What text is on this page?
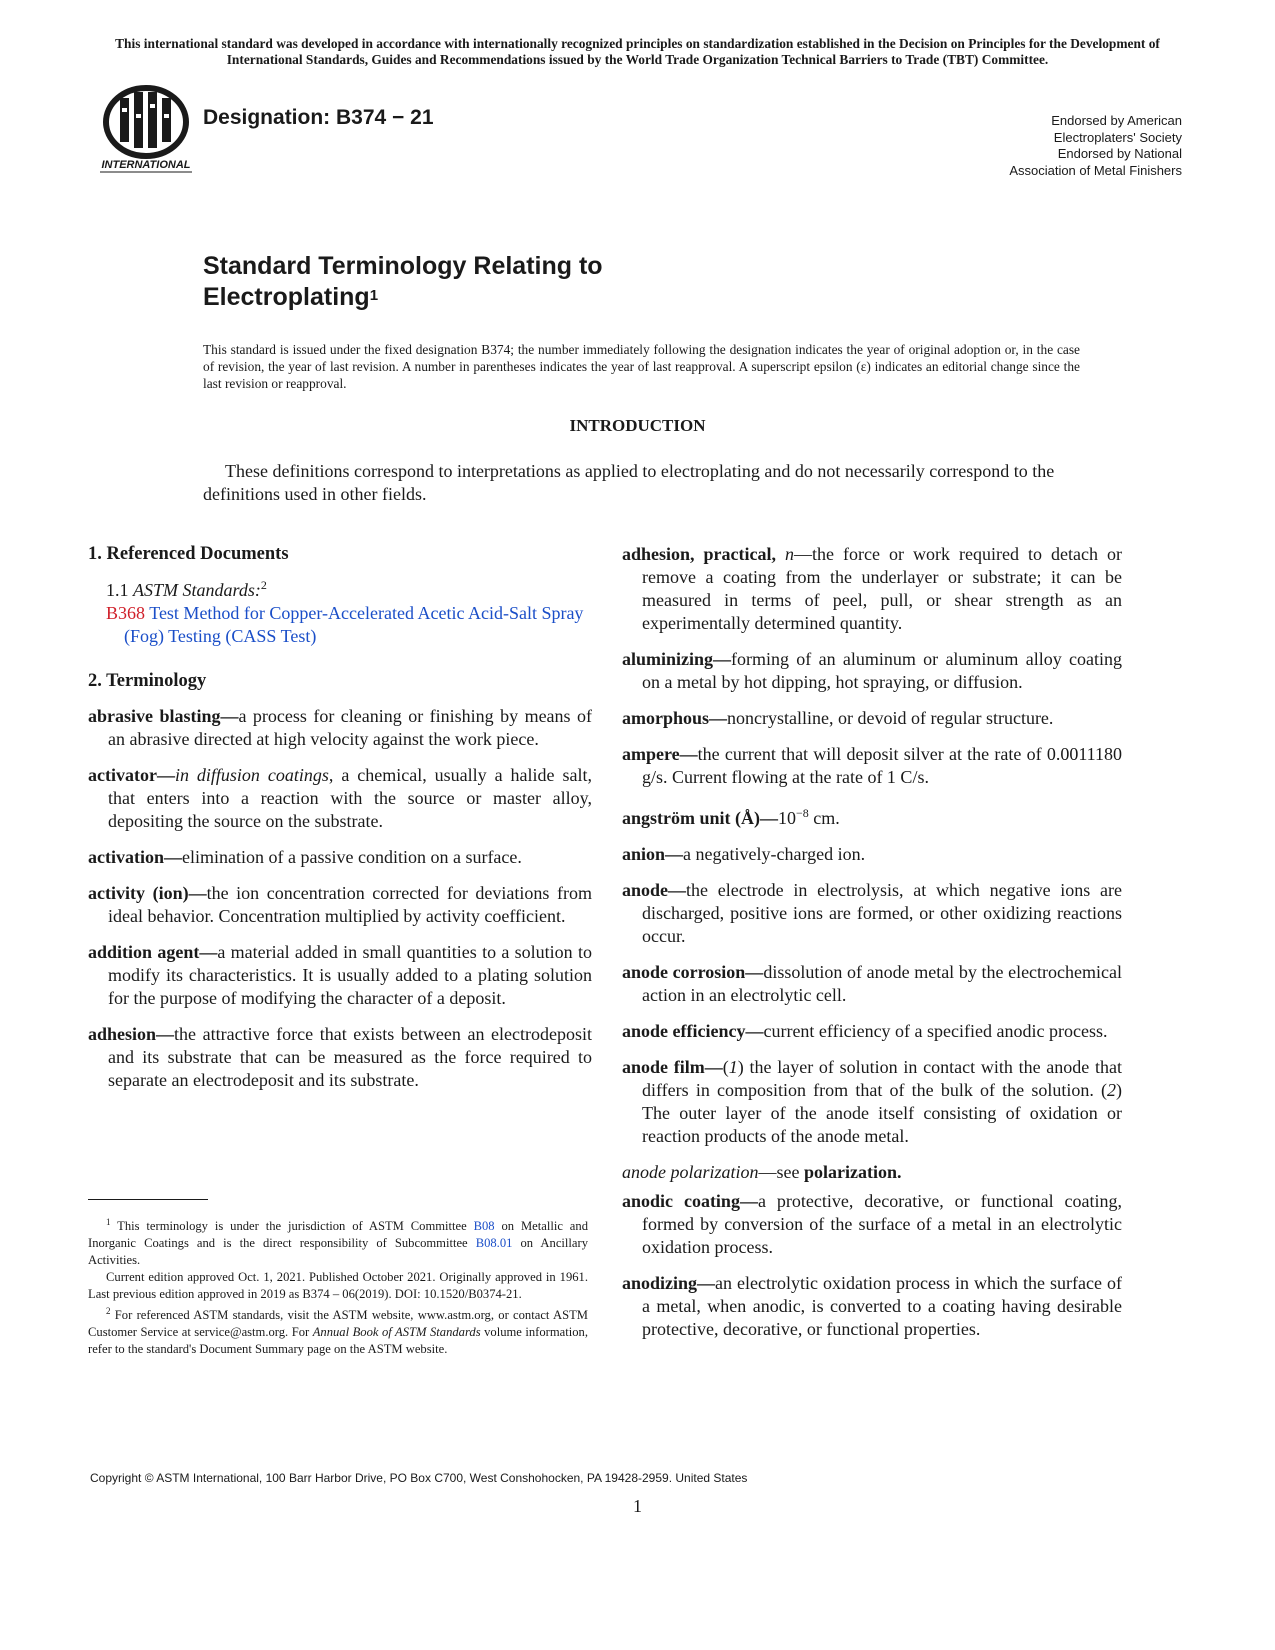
This international standard was developed in accordance with internationally recognized principles on standardization established in the Decision on Principles for the Development of International Standards, Guides and Recommendations issued by the World Trade Organization Technical Barriers to Trade (TBT) Committee.
INTERNATIONAL
Designation: B374 − 21	Endorsed by American
Electroplaters' Society
Endorsed by National
Association of Metal Finishers
Standard Terminology Relating to
Electroplating$^1$
This standard is issued under the fixed designation B374; the number immediately following the designation indicates the year of original adoption or, in the case of revision, the year of last revision. A number in parentheses indicates the year of last reapproval. A superscript epsilon (ε) indicates an editorial change since the last revision or reapproval.
INTRODUCTION
These definitions correspond to interpretations as applied to electroplating and do not necessarily correspond to the definitions used in other fields.

1. Referenced Documents

1.1 ASTM Standards:$^2$
B368 Test Method for Copper-Accelerated Acetic Acid-Salt Spray (Fog) Testing (CASS Test)

2. Terminology

abrasive blasting—a process for cleaning or finishing by means of an abrasive directed at high velocity against the work piece.
activator—in diffusion coatings, a chemical, usually a halide salt, that enters into a reaction with the source or master alloy, depositing the source on the substrate.
activation—elimination of a passive condition on a surface.
activity (ion)—the ion concentration corrected for deviations from ideal behavior. Concentration multiplied by activity coefficient.
addition agent—a material added in small quantities to a solution to modify its characteristics. It is usually added to a plating solution for the purpose of modifying the character of a deposit.
adhesion—the attractive force that exists between an electrodeposit and its substrate that can be measured as the force required to separate an electrodeposit and its substrate.
adhesion, practical, n—the force or work required to detach or remove a coating from the underlayer or substrate; it can be measured in terms of peel, pull, or shear strength as an experimentally determined quantity.
aluminizing—forming of an aluminum or aluminum alloy coating on a metal by hot dipping, hot spraying, or diffusion.
amorphous—noncrystalline, or devoid of regular structure.
ampere—the current that will deposit silver at the rate of 0.0011180 g/s. Current flowing at the rate of 1 C/s.
angström unit $(Å)—10^{-8}$ cm.
anion—a negatively-charged ion.
anode—the electrode in electrolysis, at which negative ions are discharged, positive ions are formed, or other oxidizing reactions occur.
anode corrosion—dissolution of anode metal by the electrochemical action in an electrolytic cell.
anode efficiency—current efficiency of a specified anodic process.
anode film—(1) the layer of solution in contact with the anode that differs in composition from that of the bulk of the solution. (2) The outer layer of the anode itself consisting of oxidation or reaction products of the anode metal.
anode polarization—see polarization.
anodic coating—a protective, decorative, or functional coating, formed by conversion of the surface of a metal in an electrolytic oxidation process.
anodizing—an electrolytic oxidation process in which the surface of a metal, when anodic, is converted to a coating having desirable protective, decorative, or functional properties.

$^1$ This terminology is under the jurisdiction of ASTM Committee B08 on Metallic and Inorganic Coatings and is the direct responsibility of Subcommittee B08.01 on Ancillary Activities.

Current edition approved Oct. 1, 2021. Published October 2021. Originally approved in 1961. Last previous edition approved in 2019 as B374 – 06(2019). DOI: 10.1520/B0374-21.

$^2$ For referenced ASTM standards, visit the ASTM website, www.astm.org, or contact ASTM Customer Service at service@astm.org. For Annual Book of ASTM Standards volume information, refer to the standard's Document Summary page on the ASTM website.

Copyright © ASTM International, 100 Barr Harbor Drive, PO Box C700, West Conshohocken, PA 19428-2959. United States
1
